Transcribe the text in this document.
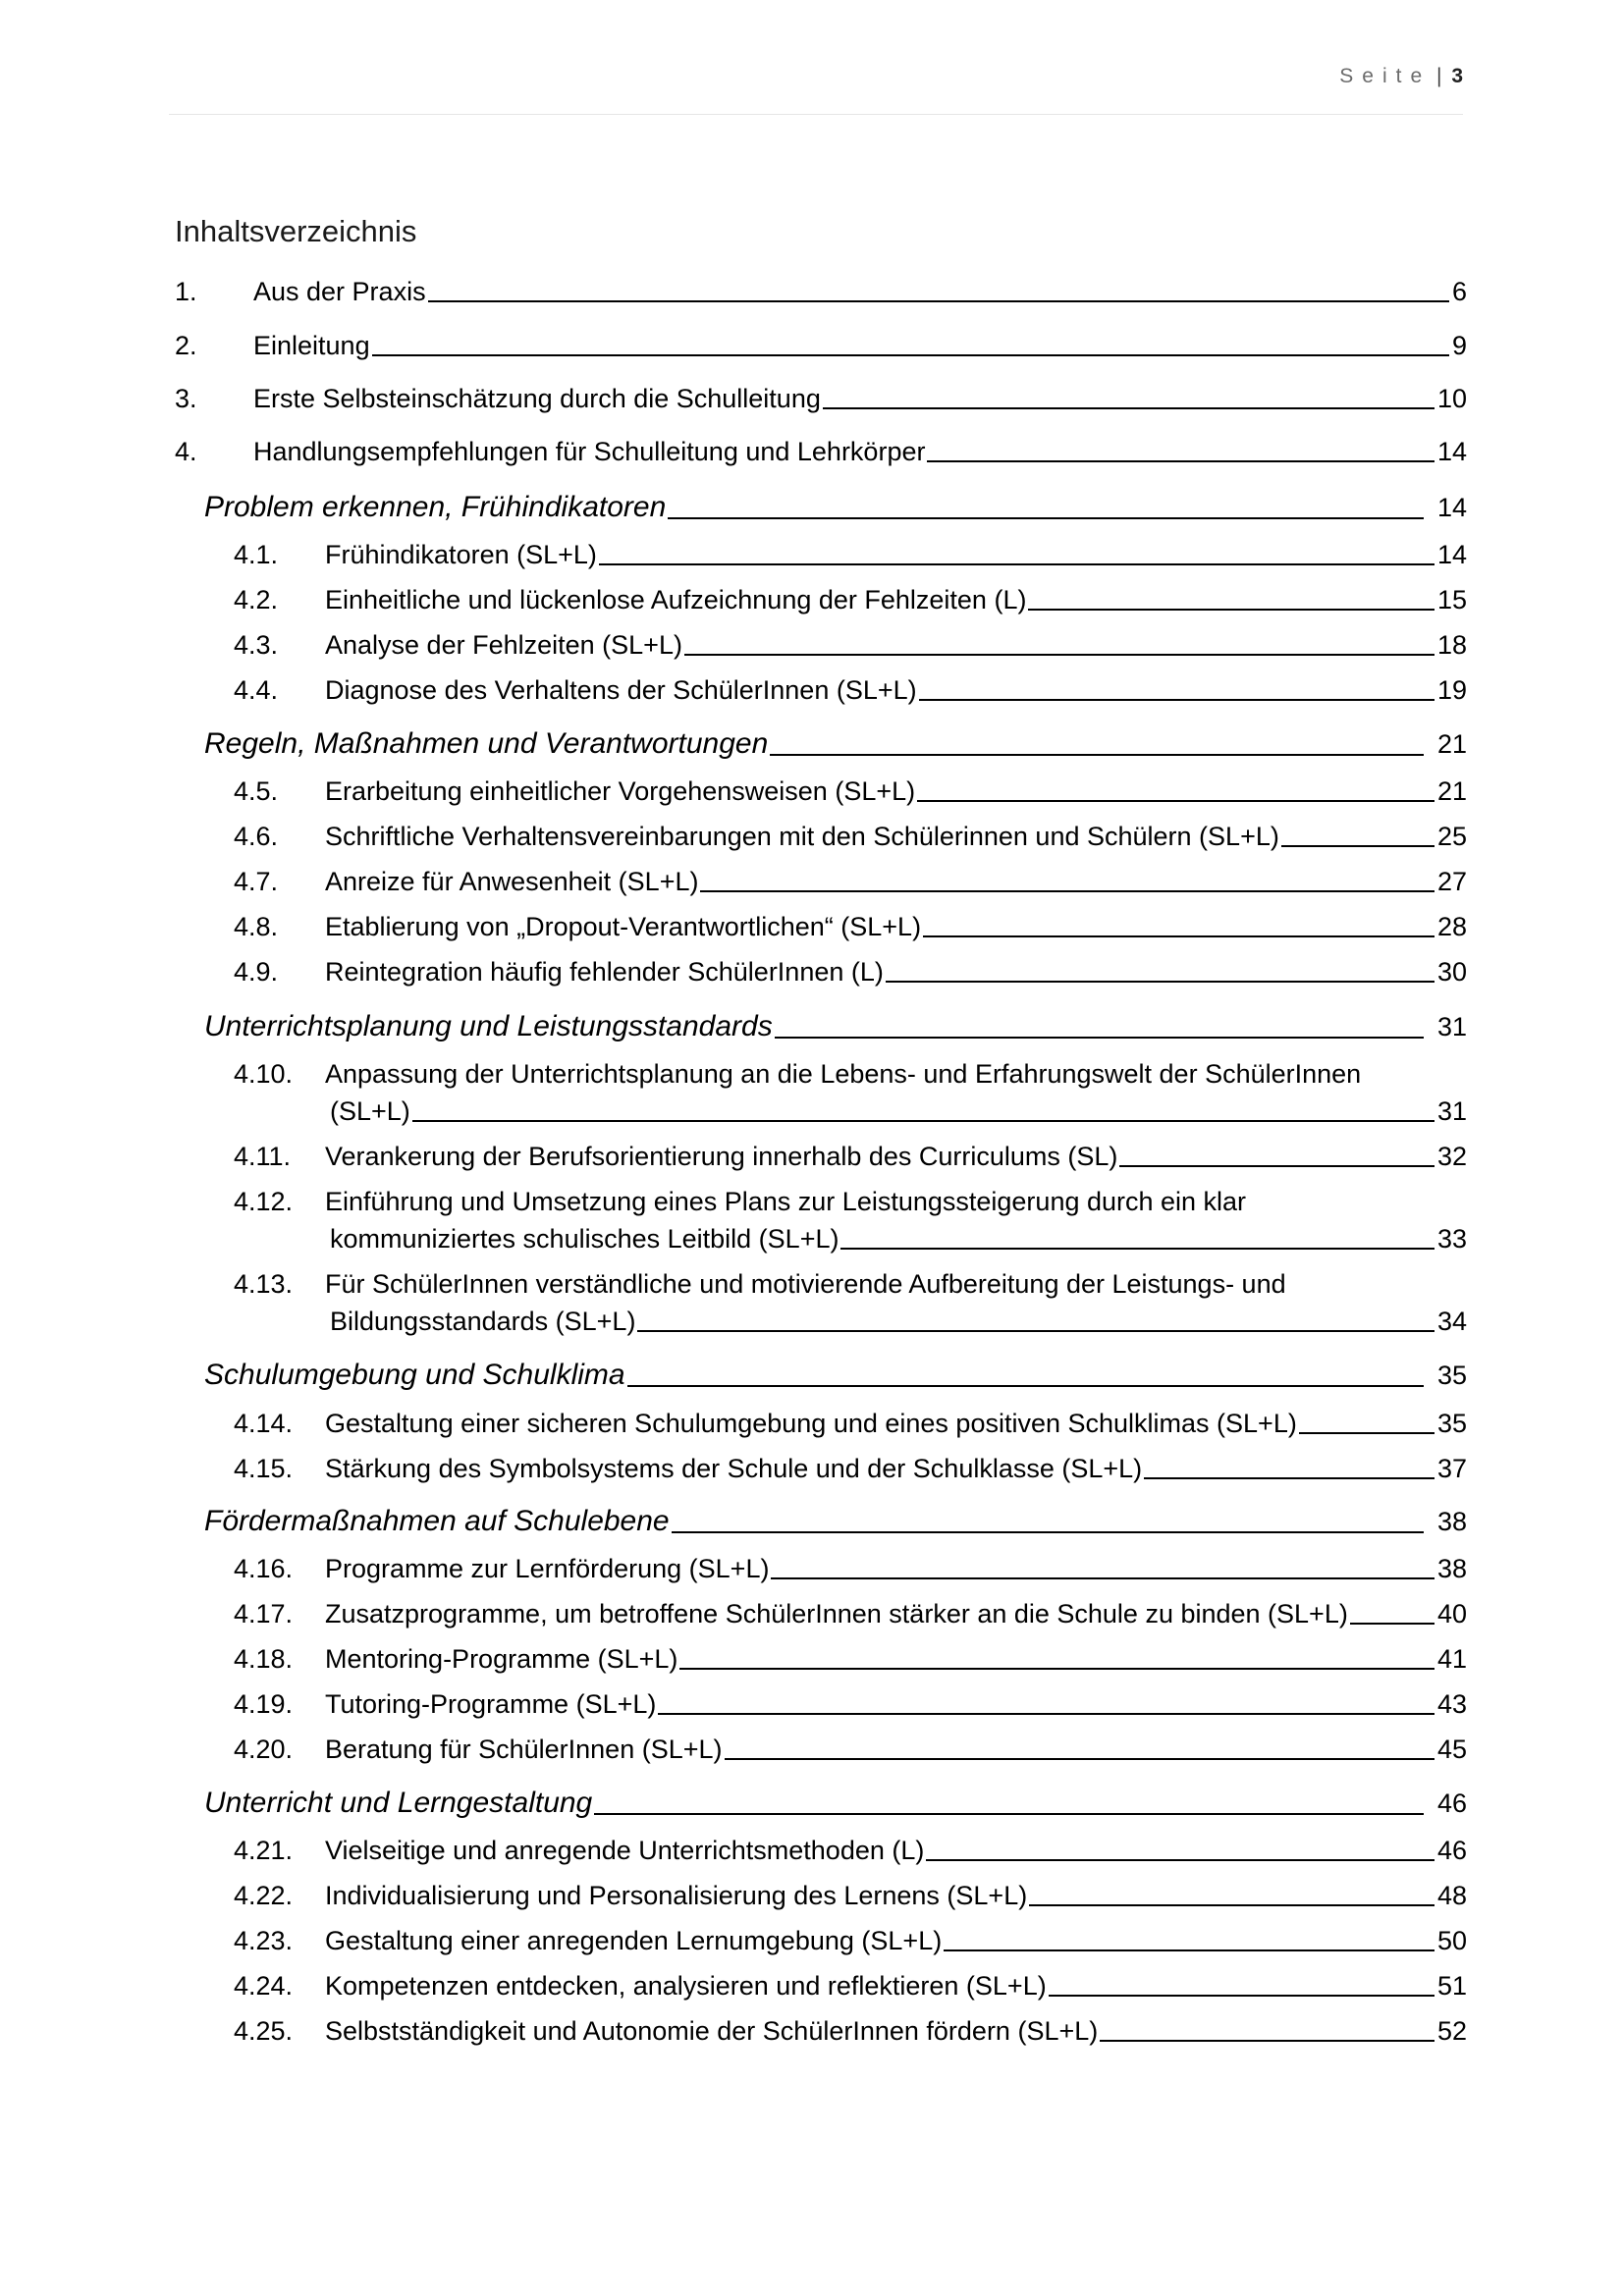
Seite | 3
Inhaltsverzeichnis
1.	Aus der Praxis	6
2.	Einleitung	9
3.	Erste Selbsteinschätzung durch die Schulleitung	10
4.	Handlungsempfehlungen für Schulleitung und Lehrkörper	14
Problem erkennen, Frühindikatoren	14
4.1.	Frühindikatoren (SL+L)	14
4.2.	Einheitliche und lückenlose Aufzeichnung der Fehlzeiten (L)	15
4.3.	Analyse der Fehlzeiten (SL+L)	18
4.4.	Diagnose des Verhaltens der SchülerInnen (SL+L)	19
Regeln, Maßnahmen und Verantwortungen	21
4.5.	Erarbeitung einheitlicher Vorgehensweisen (SL+L)	21
4.6.	Schriftliche Verhaltensvereinbarungen mit den Schülerinnen und Schülern (SL+L)	25
4.7.	Anreize für Anwesenheit (SL+L)	27
4.8.	Etablierung von „Dropout-Verantwortlichen“ (SL+L)	28
4.9.	Reintegration häufig fehlender SchülerInnen (L)	30
Unterrichtsplanung und Leistungsstandards	31
4.10.	Anpassung der Unterrichtsplanung an die Lebens- und Erfahrungswelt der SchülerInnen
(SL+L)	31
4.11.	Verankerung der Berufsorientierung innerhalb des Curriculums (SL)	32
4.12.	Einführung und Umsetzung eines Plans zur Leistungssteigerung durch ein klar
kommuniziertes schulisches Leitbild (SL+L)	33
4.13.	Für SchülerInnen verständliche und motivierende Aufbereitung der Leistungs- und
Bildungsstandards (SL+L)	34
Schulumgebung und Schulklima	35
4.14.	Gestaltung einer sicheren Schulumgebung und eines positiven Schulklimas (SL+L)	35
4.15.	Stärkung des Symbolsystems der Schule und der Schulklasse (SL+L)	37
Fördermaßnahmen auf Schulebene	38
4.16.	Programme zur Lernförderung (SL+L)	38
4.17.	Zusatzprogramme, um betroffene SchülerInnen stärker an die Schule zu binden (SL+L)	40
4.18.	Mentoring-Programme (SL+L)	41
4.19.	Tutoring-Programme (SL+L)	43
4.20.	Beratung für SchülerInnen (SL+L)	45
Unterricht und Lerngestaltung	46
4.21.	Vielseitige und anregende Unterrichtsmethoden (L)	46
4.22.	Individualisierung und Personalisierung des Lernens (SL+L)	48
4.23.	Gestaltung einer anregenden Lernumgebung (SL+L)	50
4.24.	Kompetenzen entdecken, analysieren und reflektieren (SL+L)	51
4.25.	Selbstständigkeit und Autonomie der SchülerInnen fördern (SL+L)	52
